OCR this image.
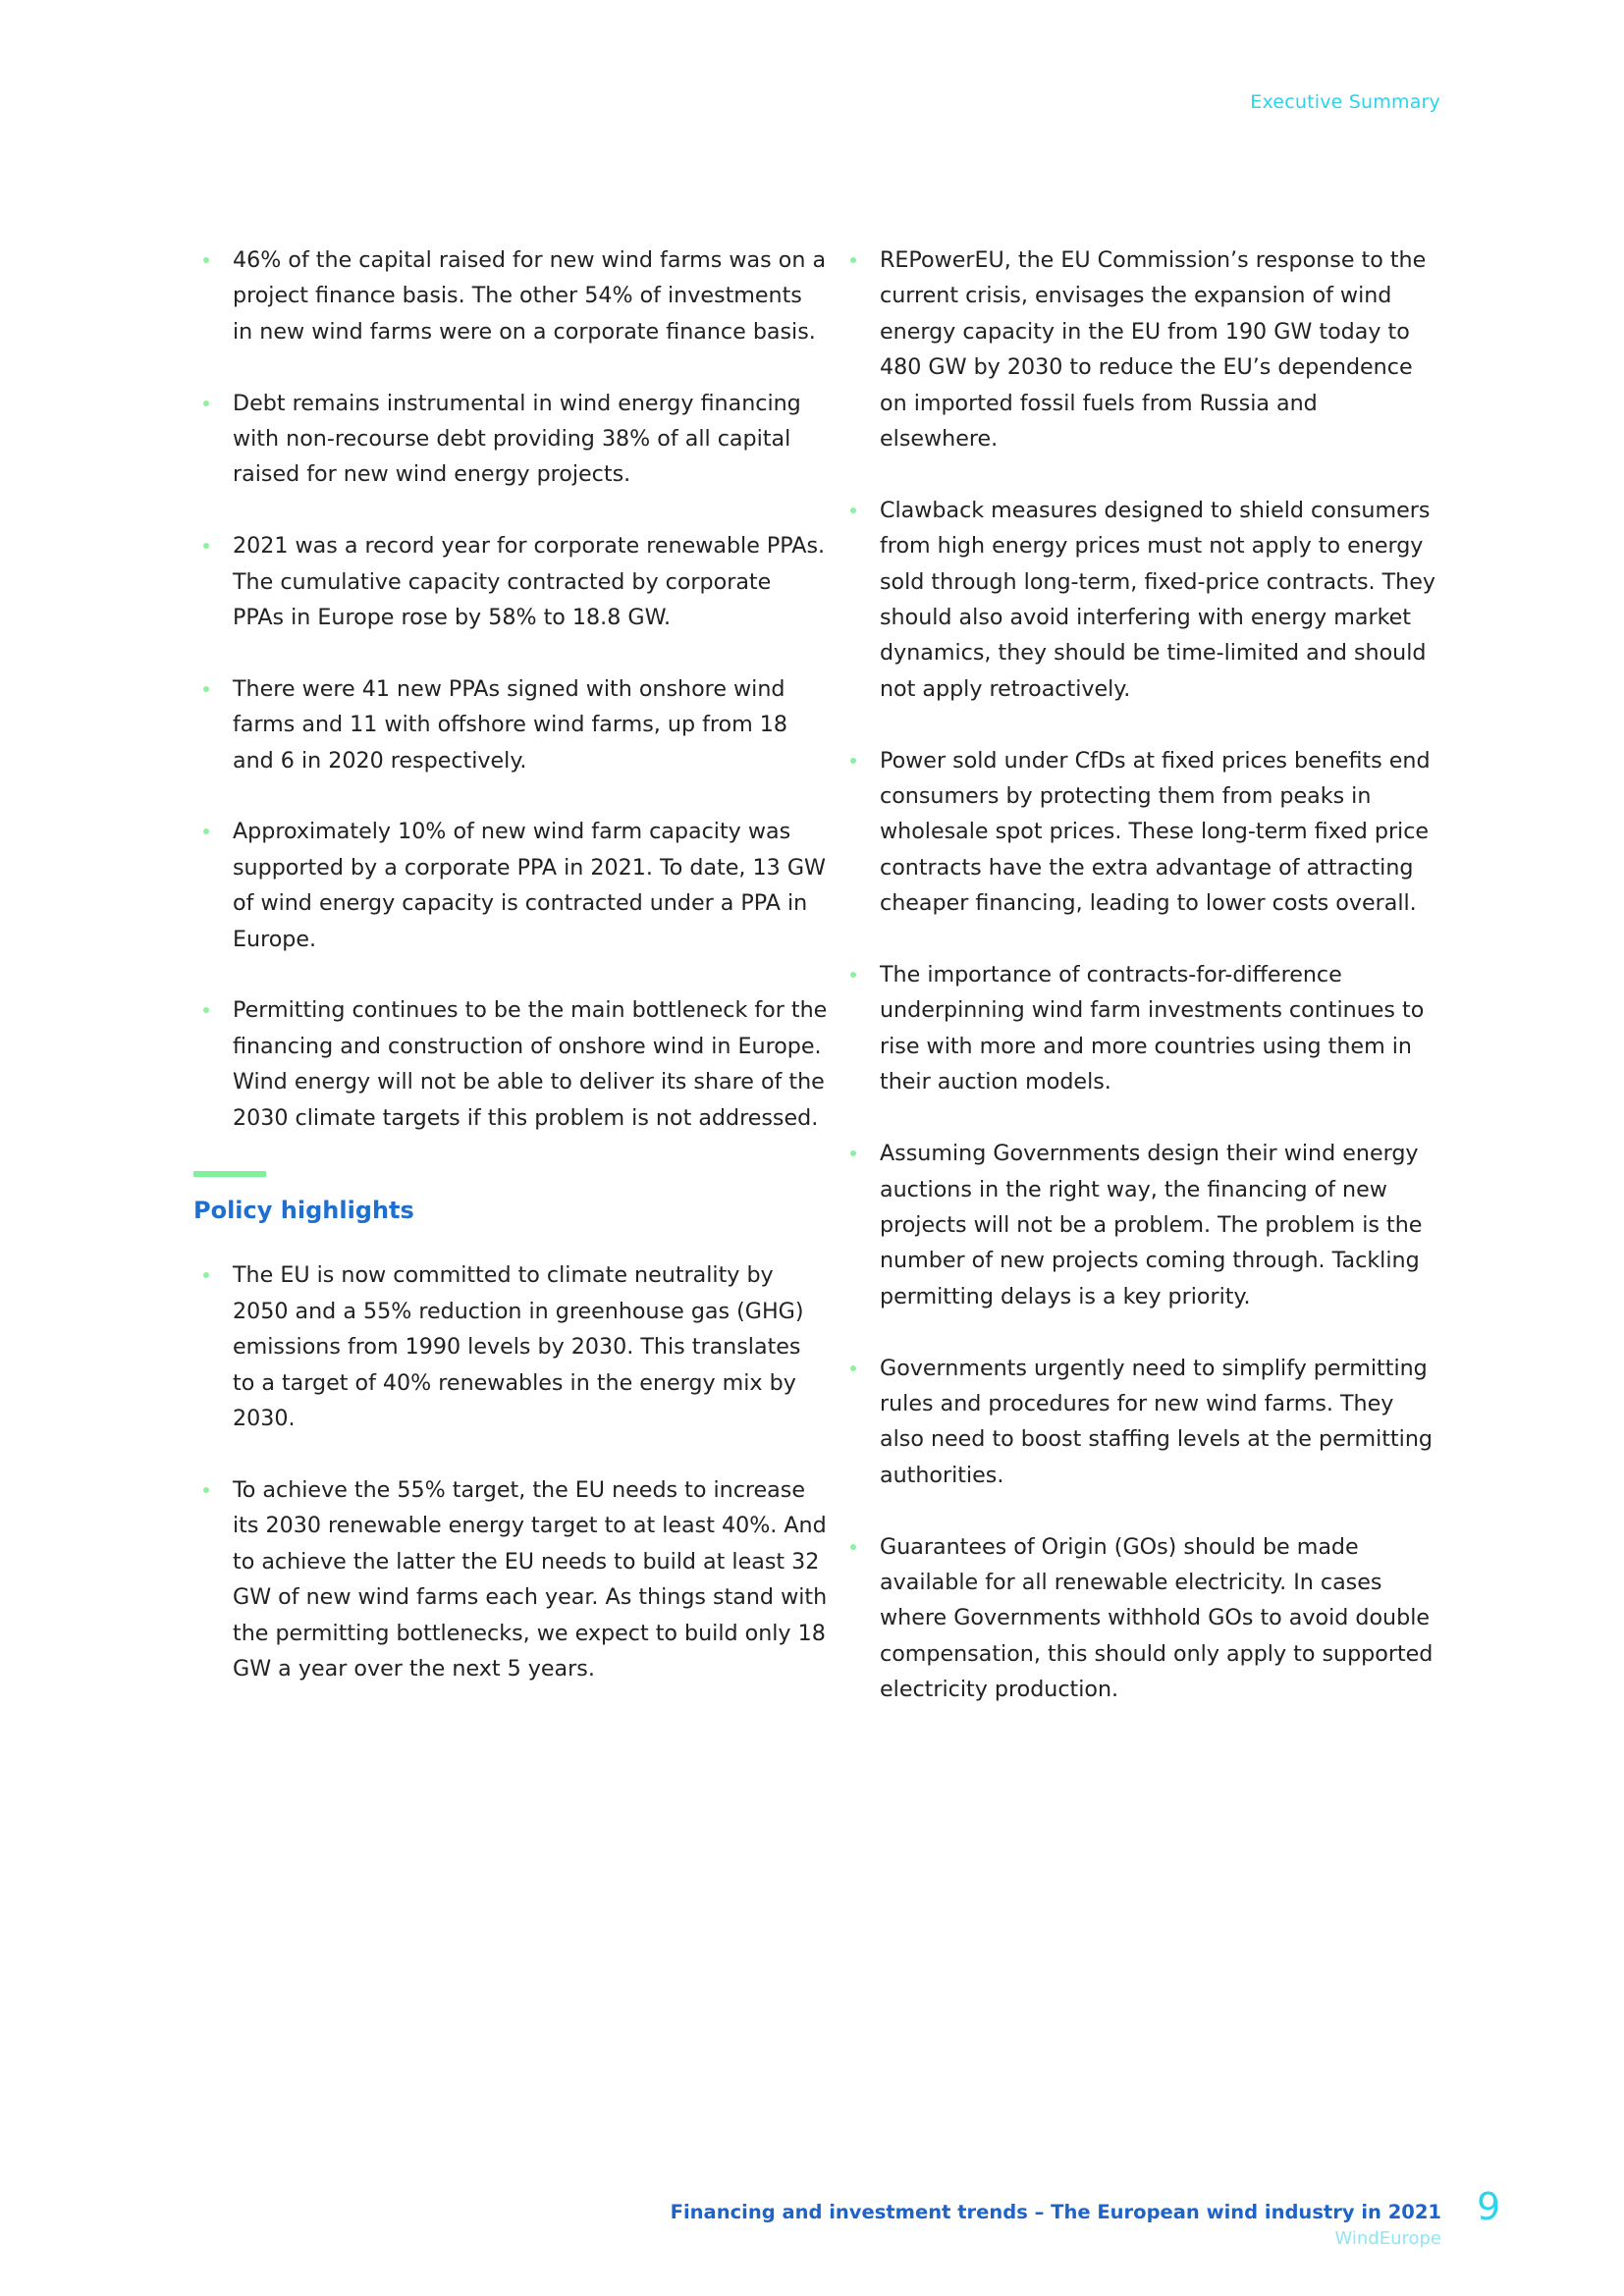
Executive Summary
46% of the capital raised for new wind farms was on a project finance basis. The other 54% of investments in new wind farms were on a corporate finance basis.
Debt remains instrumental in wind energy financing with non-recourse debt providing 38% of all capital raised for new wind energy projects.
2021 was a record year for corporate renewable PPAs. The cumulative capacity contracted by corporate PPAs in Europe rose by 58% to 18.8 GW.
There were 41 new PPAs signed with onshore wind farms and 11 with offshore wind farms, up from 18 and 6 in 2020 respectively.
Approximately 10% of new wind farm capacity was supported by a corporate PPA in 2021. To date, 13 GW of wind energy capacity is contracted under a PPA in Europe.
Permitting continues to be the main bottleneck for the financing and construction of onshore wind in Europe. Wind energy will not be able to deliver its share of the 2030 climate targets if this problem is not addressed.
Policy highlights
The EU is now committed to climate neutrality by 2050 and a 55% reduction in greenhouse gas (GHG) emissions from 1990 levels by 2030. This translates to a target of 40% renewables in the energy mix by 2030.
To achieve the 55% target, the EU needs to increase its 2030 renewable energy target to at least 40%. And to achieve the latter the EU needs to build at least 32 GW of new wind farms each year. As things stand with the permitting bottlenecks, we expect to build only 18 GW a year over the next 5 years.
REPowerEU, the EU Commission’s response to the current crisis, envisages the expansion of wind energy capacity in the EU from 190 GW today to 480 GW by 2030 to reduce the EU’s dependence on imported fossil fuels from Russia and elsewhere.
Clawback measures designed to shield consumers from high energy prices must not apply to energy sold through long-term, fixed-price contracts. They should also avoid interfering with energy market dynamics, they should be time-limited and should not apply retroactively.
Power sold under CfDs at fixed prices benefits end consumers by protecting them from peaks in wholesale spot prices. These long-term fixed price contracts have the extra advantage of attracting cheaper financing, leading to lower costs overall.
The importance of contracts-for-difference underpinning wind farm investments continues to rise with more and more countries using them in their auction models.
Assuming Governments design their wind energy auctions in the right way, the financing of new projects will not be a problem. The problem is the number of new projects coming through. Tackling permitting delays is a key priority.
Governments urgently need to simplify permitting rules and procedures for new wind farms. They also need to boost staffing levels at the permitting authorities.
Guarantees of Origin (GOs) should be made available for all renewable electricity. In cases where Governments withhold GOs to avoid double compensation, this should only apply to supported electricity production.
Financing and investment trends – The European wind industry in 2021
WindEurope
9
